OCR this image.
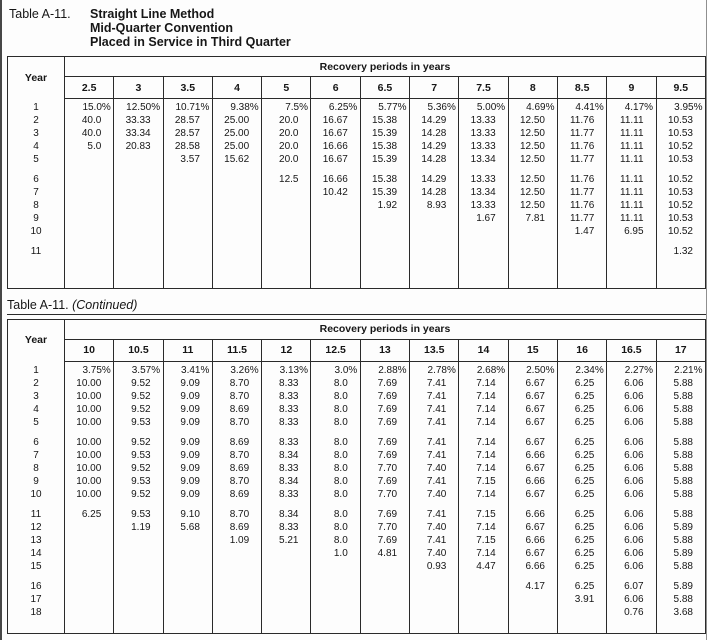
Table A-11.	Straight Line Method
Mid-Quarter Convention
Placed in Service in Third Quarter
Year	Recovery periods in years												
	2.5	3	3.5	4	5	6	6.5	7	7.5	8	8.5	9	9.5
1	15.0%	12.50%	10.71%	9.38%	7.5%	6.25%	5.77%	5.36%	5.00%	4.69%	4.41%	4.17%	3.95%
2	40.0	33.33	28.57	25.00	20.0	16.67	15.38	14.29	13.33	12.50	11.76	11.11	10.53
3	40.0	33.34	28.57	25.00	20.0	16.67	15.39	14.28	13.33	12.50	11.77	11.11	10.53
4	5.0	20.83	28.58	25.00	20.0	16.66	15.38	14.29	13.33	12.50	11.76	11.11	10.52
5			3.57	15.62	20.0	16.67	15.39	14.28	13.34	12.50	11.77	11.11	10.53

6					12.5	16.66	15.38	14.29	13.33	12.50	11.76	11.11	10.52
7						10.42	15.39	14.28	13.34	12.50	11.77	11.11	10.53
8							1.92	8.93	13.33	12.50	11.76	11.11	10.52
9									1.67	7.81	11.77	11.11	10.53
10											1.47	6.95	10.52

11													1.32

Table A-11. (Continued)
Year	Recovery periods in years												
	10	10.5	11	11.5	12	12.5	13	13.5	14	15	16	16.5	17
1	3.75%	3.57%	3.41%	3.26%	3.13%	3.0%	2.88%	2.78%	2.68%	2.50%	2.34%	2.27%	2.21%
2	10.00	9.52	9.09	8.70	8.33	8.0	7.69	7.41	7.14	6.67	6.25	6.06	5.88
3	10.00	9.52	9.09	8.70	8.33	8.0	7.69	7.41	7.14	6.67	6.25	6.06	5.88
4	10.00	9.52	9.09	8.69	8.33	8.0	7.69	7.41	7.14	6.67	6.25	6.06	5.88
5	10.00	9.53	9.09	8.70	8.33	8.0	7.69	7.41	7.14	6.67	6.25	6.06	5.88

6	10.00	9.52	9.09	8.69	8.33	8.0	7.69	7.41	7.14	6.67	6.25	6.06	5.88
7	10.00	9.53	9.09	8.70	8.34	8.0	7.69	7.41	7.14	6.66	6.25	6.06	5.88
8	10.00	9.52	9.09	8.69	8.33	8.0	7.70	7.40	7.14	6.67	6.25	6.06	5.88
9	10.00	9.53	9.09	8.70	8.34	8.0	7.69	7.41	7.15	6.66	6.25	6.06	5.88
10	10.00	9.52	9.09	8.69	8.33	8.0	7.70	7.40	7.14	6.67	6.25	6.06	5.88

11	6.25	9.53	9.10	8.70	8.34	8.0	7.69	7.41	7.15	6.66	6.25	6.06	5.88
12		1.19	5.68	8.69	8.33	8.0	7.70	7.40	7.14	6.67	6.25	6.06	5.89
13				1.09	5.21	8.0	7.69	7.41	7.15	6.66	6.25	6.06	5.88
14						1.0	4.81	7.40	7.14	6.67	6.25	6.06	5.89
15								0.93	4.47	6.66	6.25	6.06	5.88

16										4.17	6.25	6.07	5.89
17											3.91	6.06	5.88
18												0.76	3.68
